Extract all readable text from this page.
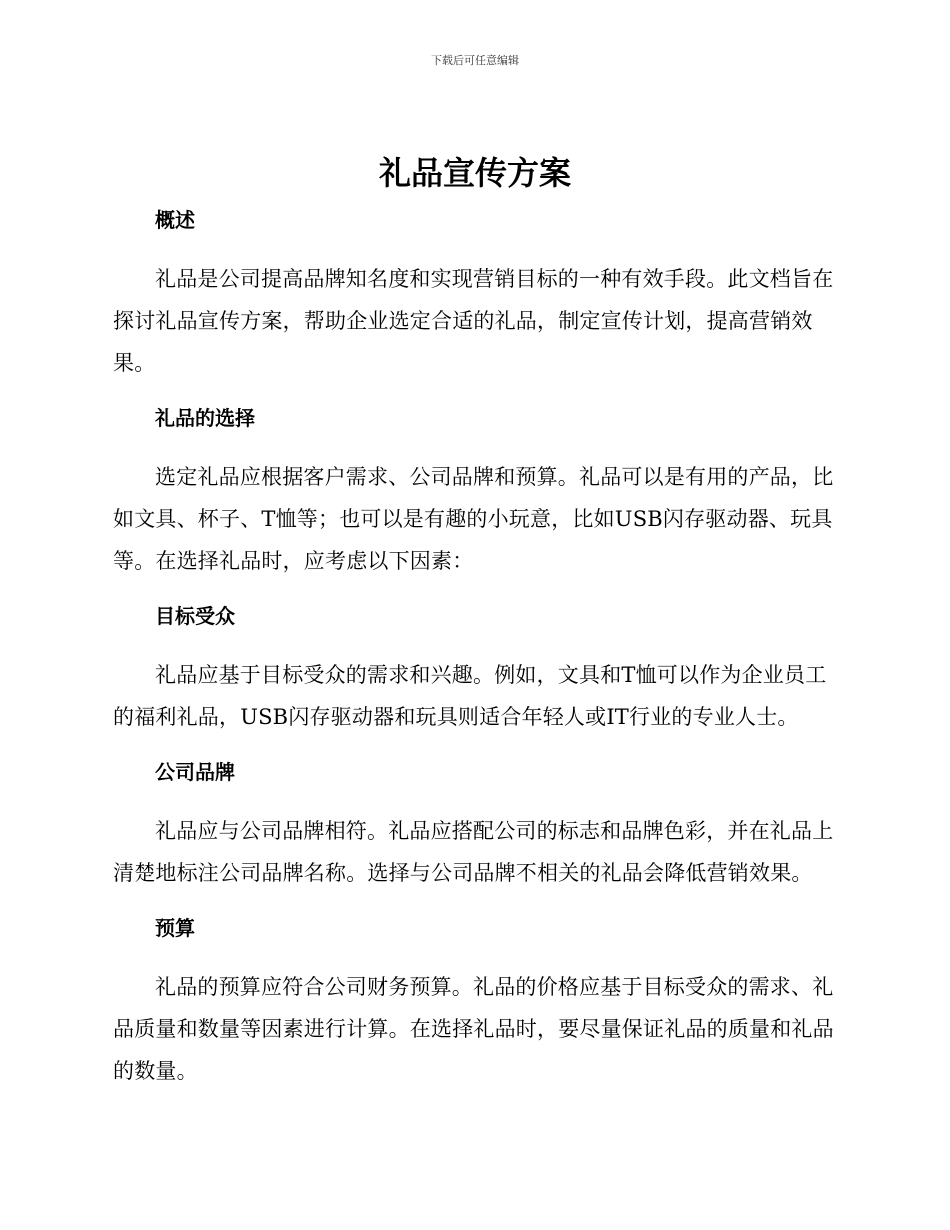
下载后可任意编辑
礼品宣传方案
概述

礼品是公司提高品牌知名度和实现营销目标的一种有效手段。此文档旨在探讨礼品宣传方案，帮助企业选定合适的礼品，制定宣传计划，提高营销效果。

礼品的选择

选定礼品应根据客户需求、公司品牌和预算。礼品可以是有用的产品，比如文具、杯子、T恤等；也可以是有趣的小玩意，比如USB闪存驱动器、玩具等。在选择礼品时，应考虑以下因素：

目标受众

礼品应基于目标受众的需求和兴趣。例如，文具和T恤可以作为企业员工的福利礼品，USB闪存驱动器和玩具则适合年轻人或IT行业的专业人士。

公司品牌

礼品应与公司品牌相符。礼品应搭配公司的标志和品牌色彩，并在礼品上清楚地标注公司品牌名称。选择与公司品牌不相关的礼品会降低营销效果。

预算

礼品的预算应符合公司财务预算。礼品的价格应基于目标受众的需求、礼品质量和数量等因素进行计算。在选择礼品时，要尽量保证礼品的质量和礼品的数量。
